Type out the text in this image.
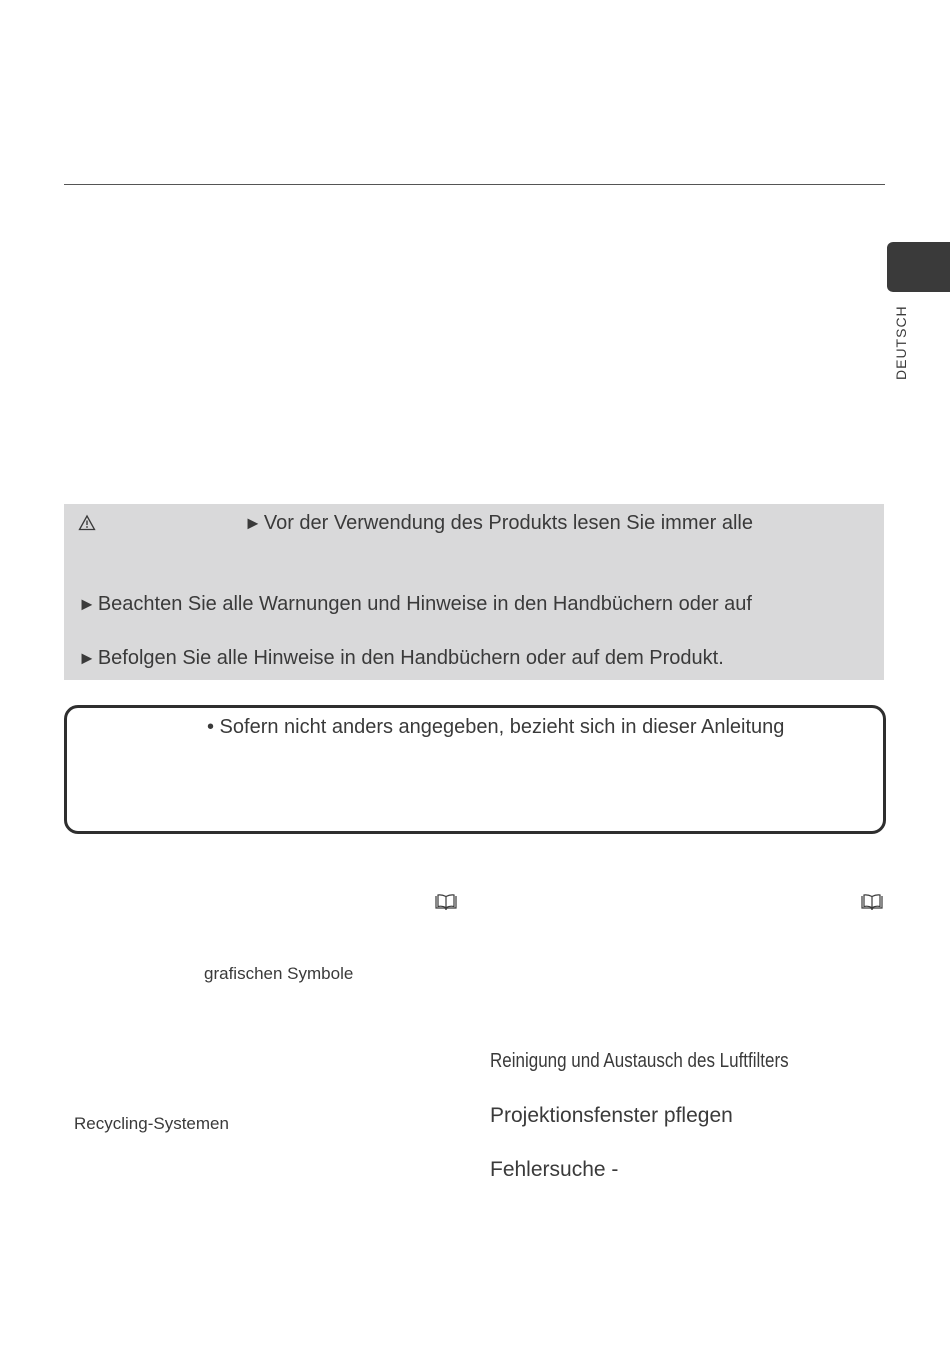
DEUTSCH
► Vor der Verwendung des Produkts lesen Sie immer alle
► Beachten Sie alle Warnungen und Hinweise in den Handbüchern oder auf
► Befolgen Sie alle Hinweise in den Handbüchern oder auf dem Produkt.
• Sofern nicht anders angegeben, bezieht sich in dieser Anleitung
grafischen Symbole
Recycling-Systemen
Reinigung und Austausch des Luftfilters
Projektionsfenster pflegen
Fehlersuche -
